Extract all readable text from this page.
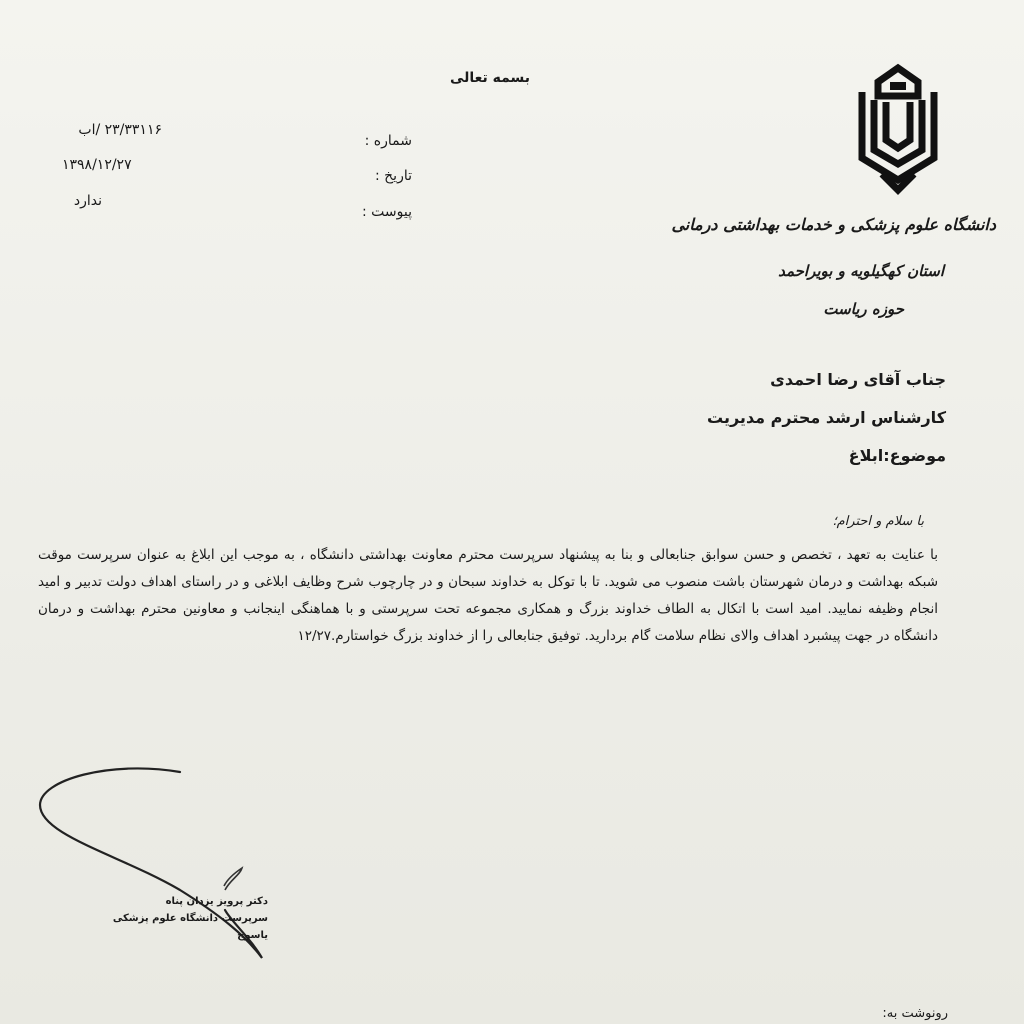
بسمه تعالی
شماره :
۲۳/۳۳۱۱۶ /اب
تاریخ :
۱۳۹۸/۱۲/۲۷
پیوست :
ندارد
دانشگاه علوم پزشکی و خدمات بهداشتی درمانی
استان کهگیلویه و بویراحمد
حوزه ریاست
جناب آقای رضا احمدی
کارشناس ارشد محترم مدیریت
موضوع:ابلاغ
با سلام و احترام؛
با عنایت به تعهد ، تخصص و حسن سوابق جنابعالی و بنا به پیشنهاد سرپرست محترم معاونت بهداشتی دانشگاه ، به موجب این ابلاغ به عنوان سرپرست موقت شبکه بهداشت و درمان شهرستان باشت منصوب می شوید. تا با توکل به خداوند سبحان و در چارچوب شرح وظایف ابلاغی و در راستای اهداف دولت تدبیر و امید انجام وظیفه نمایید. امید است با اتکال به الطاف خداوند بزرگ و همکاری مجموعه تحت سرپرستی و با هماهنگی اینجانب و معاونین محترم بهداشت و درمان دانشگاه در جهت پیشبرد اهداف والای نظام سلامت گام بردارید. توفیق جنابعالی را از خداوند بزرگ خواستارم.۱۲/۲۷
دکتر پرویز یزدان پناه
سرپرست دانشگاه علوم پزشکی یاسوج
رونوشت به:
